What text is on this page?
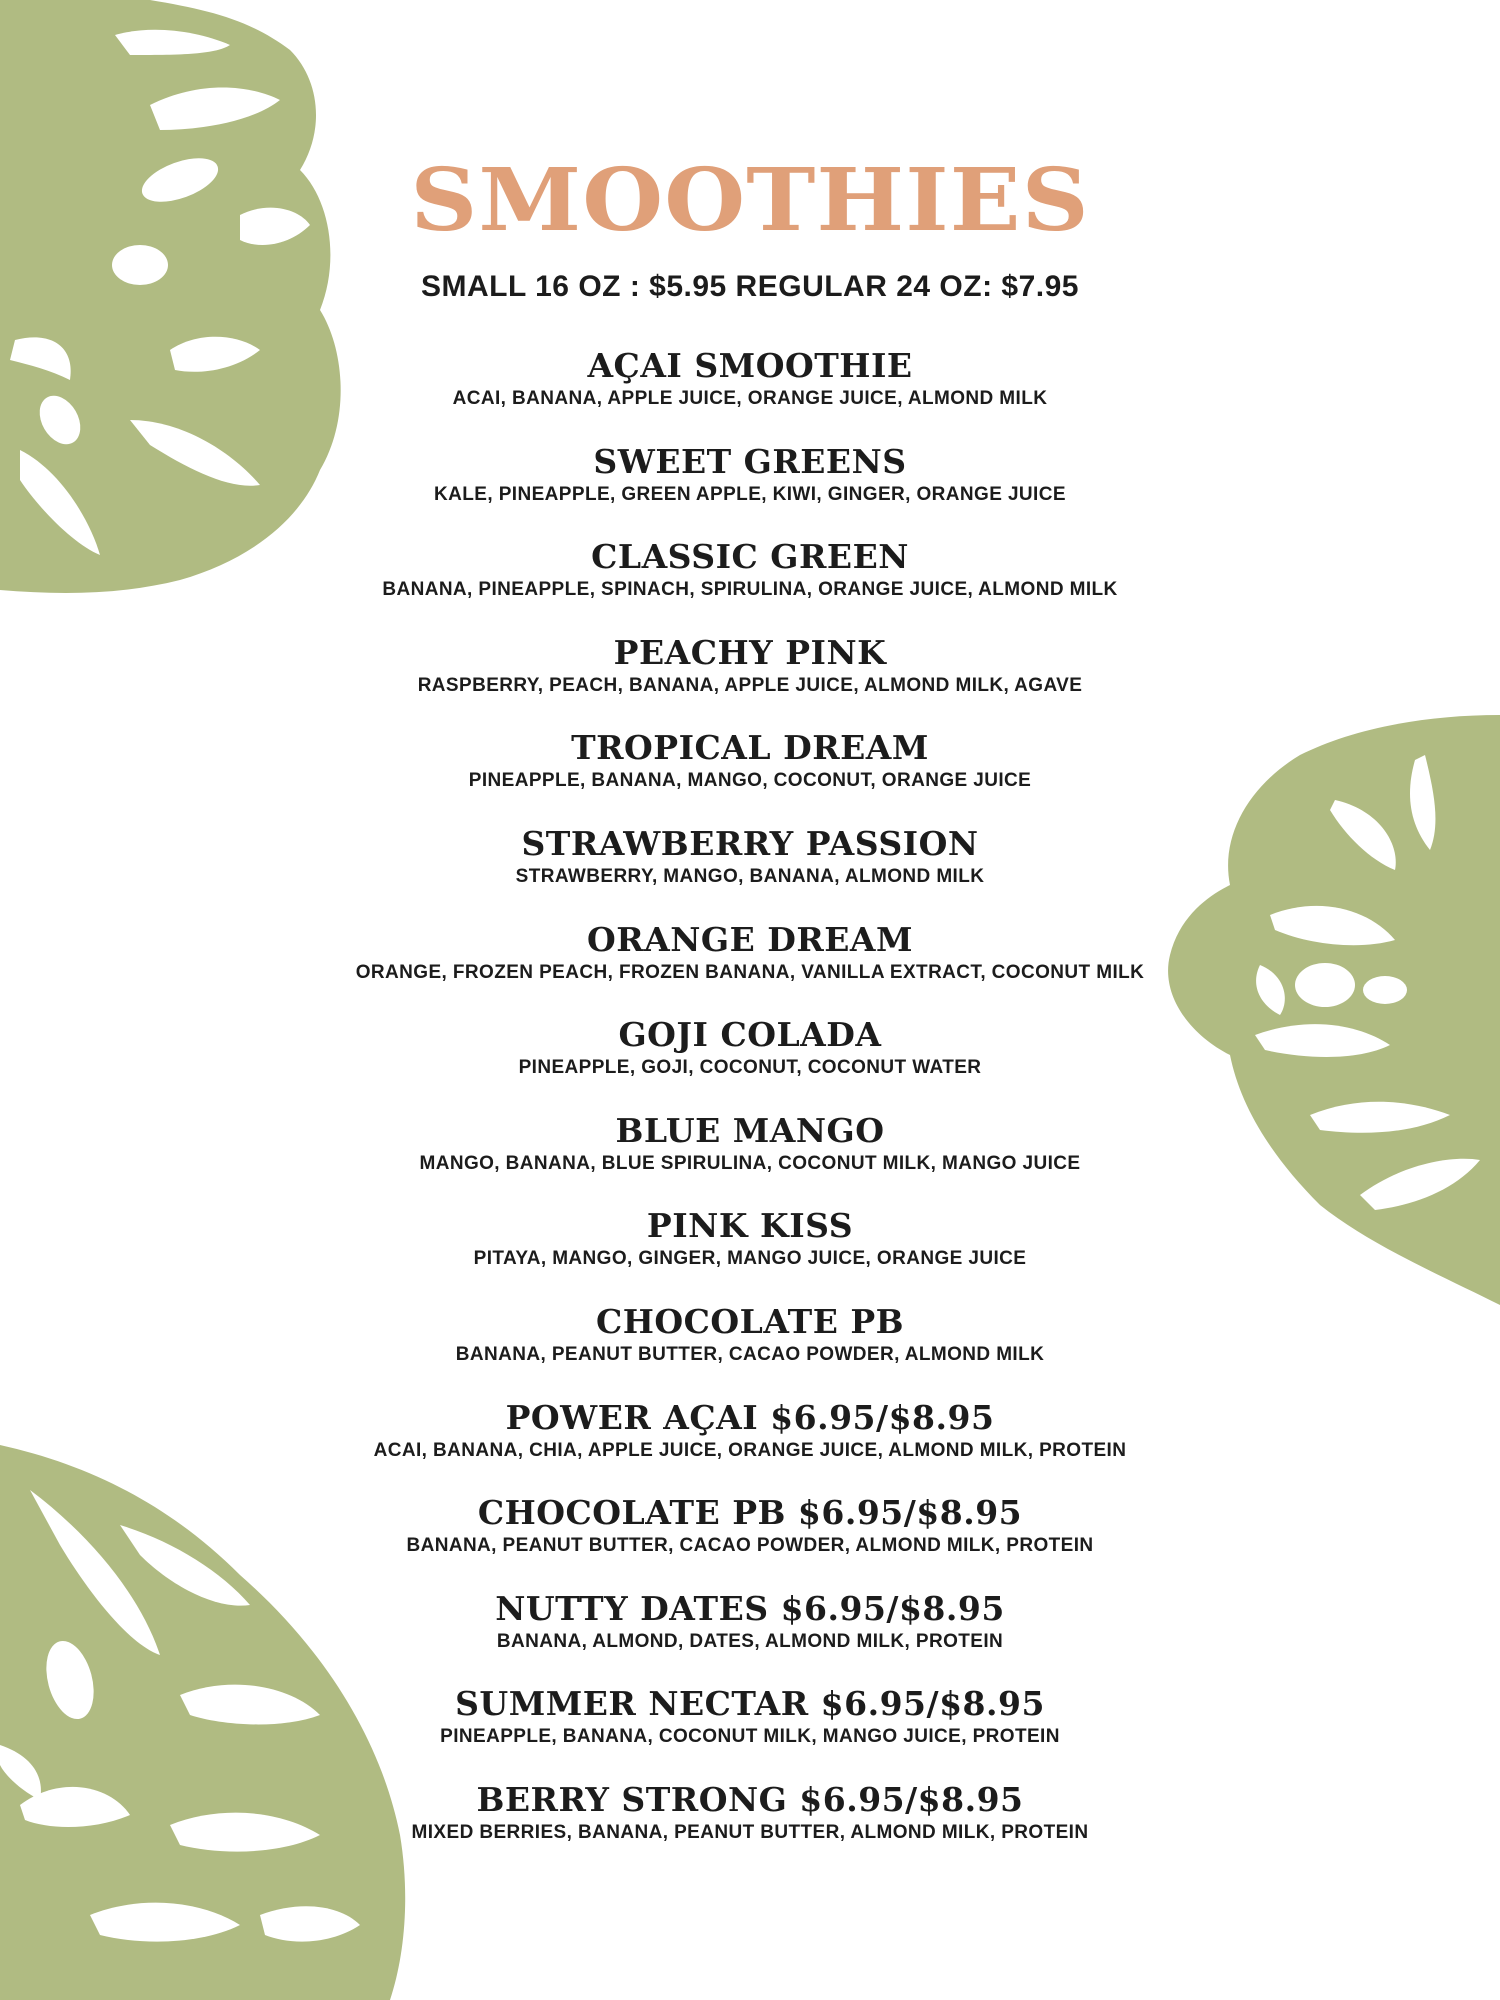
SMOOTHIES
SMALL 16 OZ : $5.95 REGULAR 24 OZ: $7.95
AÇAI SMOOTHIE
ACAI, BANANA, APPLE JUICE, ORANGE JUICE, ALMOND MILK
SWEET GREENS
KALE, PINEAPPLE, GREEN APPLE, KIWI, GINGER, ORANGE JUICE
CLASSIC GREEN
BANANA, PINEAPPLE, SPINACH, SPIRULINA, ORANGE JUICE, ALMOND MILK
PEACHY PINK
RASPBERRY, PEACH, BANANA, APPLE JUICE, ALMOND MILK, AGAVE
TROPICAL DREAM
PINEAPPLE, BANANA, MANGO, COCONUT, ORANGE JUICE
STRAWBERRY PASSION
STRAWBERRY, MANGO, BANANA, ALMOND MILK
ORANGE DREAM
ORANGE, FROZEN PEACH, FROZEN BANANA, VANILLA EXTRACT, COCONUT MILK
GOJI COLADA
PINEAPPLE, GOJI, COCONUT, COCONUT WATER
BLUE MANGO
MANGO, BANANA, BLUE SPIRULINA, COCONUT MILK, MANGO JUICE
PINK KISS
PITAYA, MANGO, GINGER, MANGO JUICE, ORANGE JUICE
CHOCOLATE PB
BANANA, PEANUT BUTTER, CACAO POWDER, ALMOND MILK
POWER AÇAI $6.95/$8.95
ACAI, BANANA, CHIA, APPLE JUICE, ORANGE JUICE, ALMOND MILK, PROTEIN
CHOCOLATE PB $6.95/$8.95
BANANA, PEANUT BUTTER, CACAO POWDER, ALMOND MILK, PROTEIN
NUTTY DATES $6.95/$8.95
BANANA, ALMOND, DATES, ALMOND MILK, PROTEIN
SUMMER NECTAR $6.95/$8.95
PINEAPPLE, BANANA, COCONUT MILK, MANGO JUICE, PROTEIN
BERRY STRONG $6.95/$8.95
MIXED BERRIES, BANANA, PEANUT BUTTER, ALMOND MILK, PROTEIN
